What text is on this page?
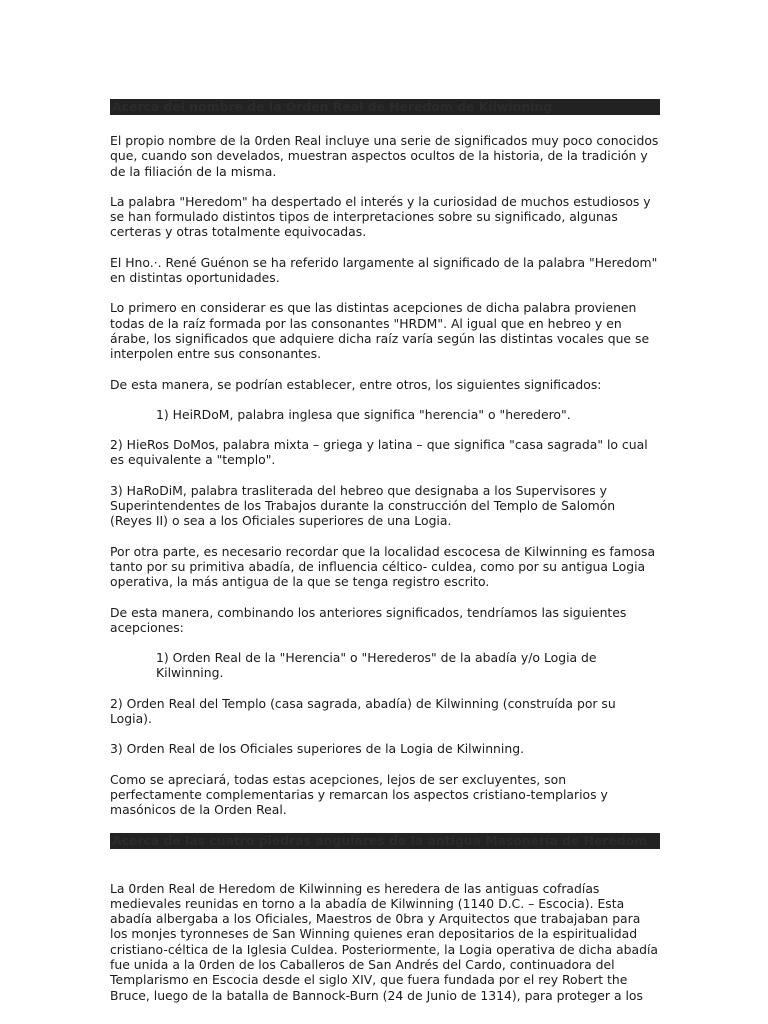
Acerca del nombre de la Orden Real de Heredom de Kilwinning

El propio nombre de la 0rden Real incluye una serie de significados muy poco conocidos que, cuando son develados, muestran aspectos ocultos de la historia, de la tradición y de la filiación de la misma.

La palabra "Heredom" ha despertado el interés y la curiosidad de muchos estudiosos y se han formulado distintos tipos de interpretaciones sobre su significado, algunas certeras y otras totalmente equivocadas.

El Hno.·. René Guénon se ha referido largamente al significado de la palabra "Heredom" en distintas oportunidades.

Lo primero en considerar es que las distintas acepciones de dicha palabra provienen todas de la raíz formada por las consonantes "HRDM". Al igual que en hebreo y en árabe, los significados que adquiere dicha raíz varía según las distintas vocales que se interpolen entre sus consonantes.

De esta manera, se podrían establecer, entre otros, los siguientes significados:

1) HeiRDoM, palabra inglesa que significa "herencia" o "heredero".

2) HieRos DoMos, palabra mixta – griega y latina – que significa "casa sagrada" lo cual es equivalente a "templo".

3) HaRoDiM, palabra trasliterada del hebreo que designaba a los Supervisores y Superintendentes de los Trabajos durante la construcción del Templo de Salomón (Reyes II) o sea a los Oficiales superiores de una Logia.

Por otra parte, es necesario recordar que la localidad escocesa de Kilwinning es famosa tanto por su primitiva abadía, de influencia céltico- culdea, como por su antigua Logia operativa, la más antigua de la que se tenga registro escrito.

De esta manera, combinando los anteriores significados, tendríamos las siguientes acepciones:

1) Orden Real de la "Herencia" o "Herederos" de la abadía y/o Logia de Kilwinning.

2) Orden Real del Templo (casa sagrada, abadía) de Kilwinning (construída por su Logia).

3) Orden Real de los Oficiales superiores de la Logia de Kilwinning.

Como se apreciará, todas estas acepciones, lejos de ser excluyentes, son perfectamente complementarias y remarcan los aspectos cristiano-templarios y masónicos de la Orden Real.

Acerca de las cuatro piedras angulares de la antigua Masonería de Heredom

La 0rden Real de Heredom de Kilwinning es heredera de las antiguas cofradías medievales reunidas en torno a la abadía de Kilwinning (1140 D.C. – Escocia). Esta abadía albergaba a los Oficiales, Maestros de 0bra y Arquitectos que trabajaban para los monjes tyronneses de San Winning quienes eran depositarios de la espiritualidad cristiano-céltica de la Iglesia Culdea. Posteriormente, la Logia operativa de dicha abadía fue unida a la 0rden de los Caballeros de San Andrés del Cardo, continuadora del Templarismo en Escocia desde el siglo XIV, que fuera fundada por el rey Robert the Bruce, luego de la batalla de Bannock-Burn (24 de Junio de 1314), para proteger a los
